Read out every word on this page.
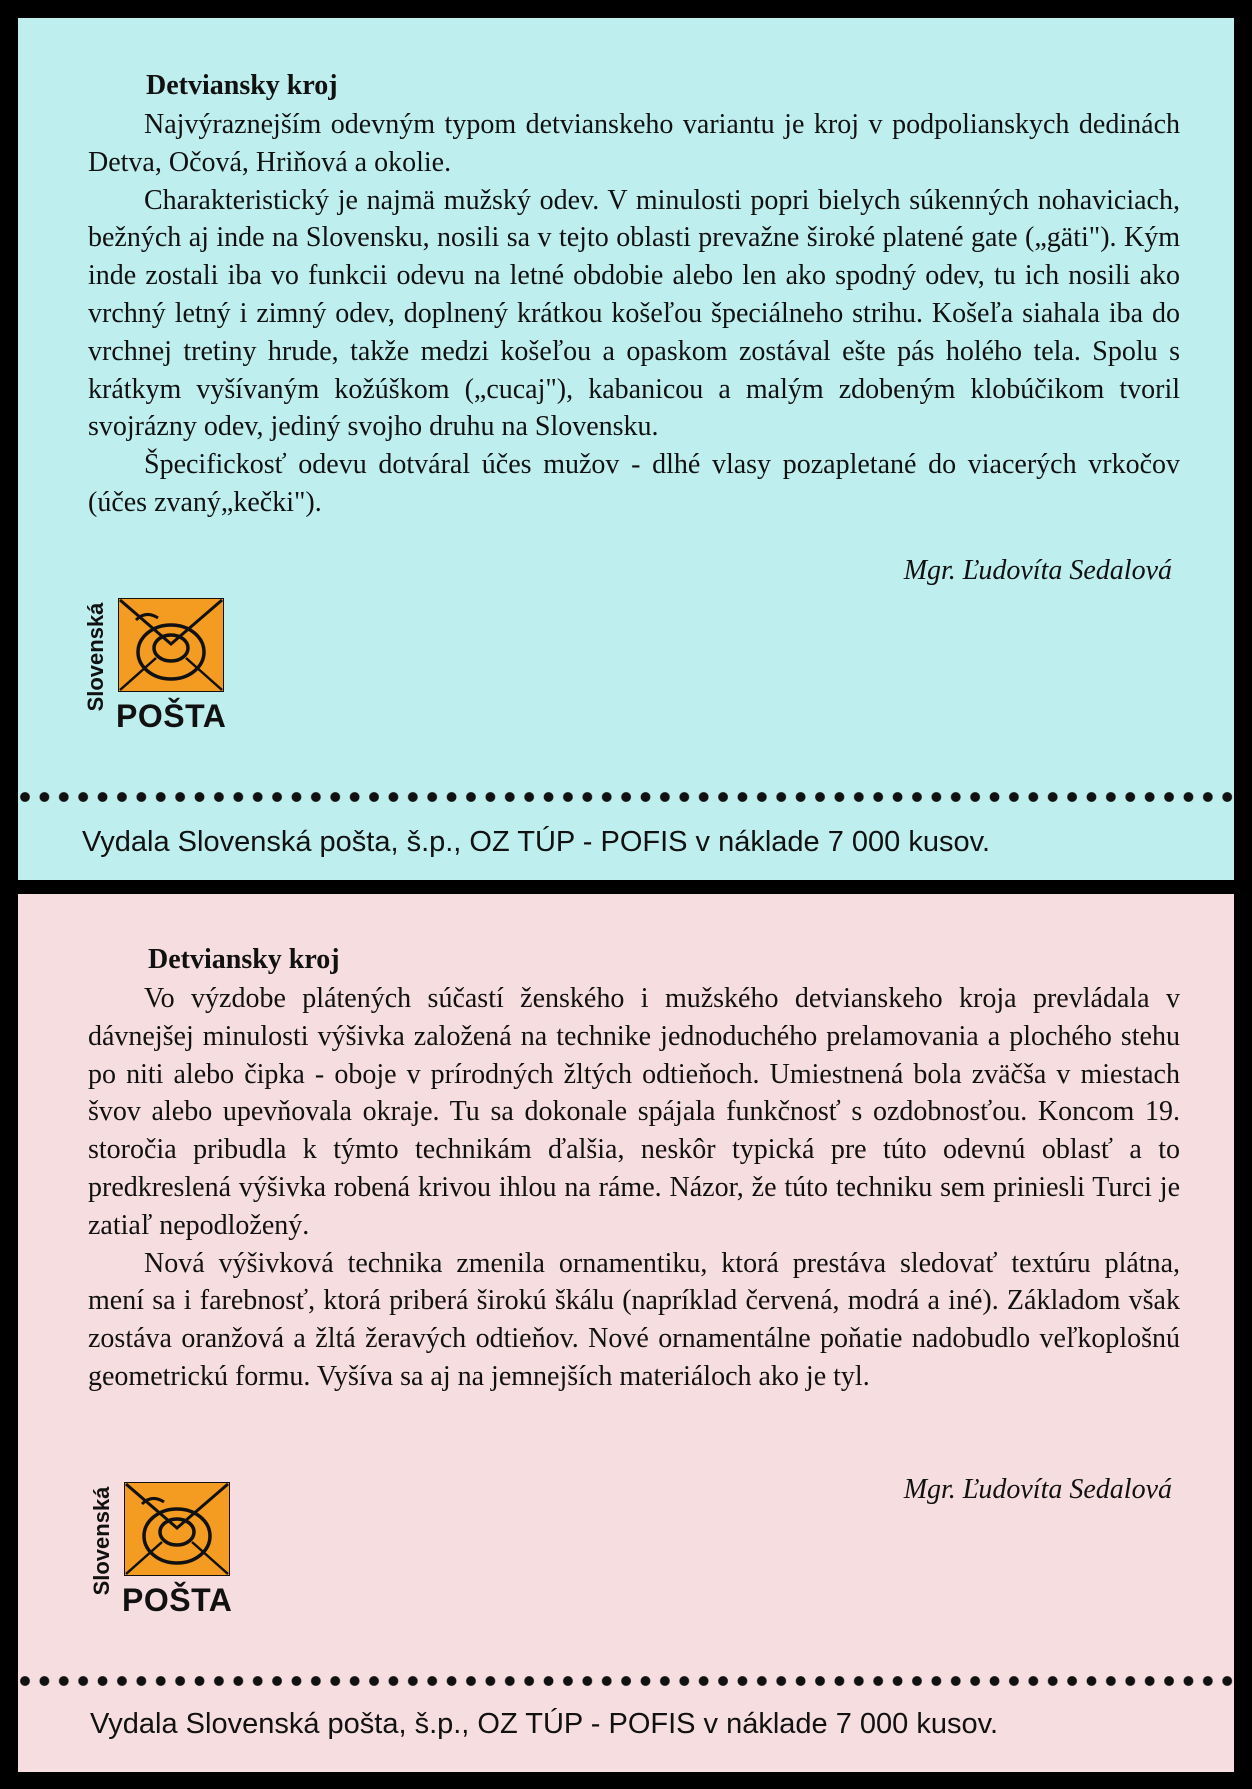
Detviansky kroj

Najvýraznejším odevným typom detvianskeho variantu je kroj v podpolianskych dedinách Detva, Očová, Hriňová a okolie.

Charakteristický je najmä mužský odev. V minulosti popri bielych súkenných nohaviciach, bežných aj inde na Slovensku, nosili sa v tejto oblasti prevažne široké platené gate („gäti"). Kým inde zostali iba vo funkcii odevu na letné obdobie alebo len ako spodný odev, tu ich nosili ako vrchný letný i zimný odev, doplnený krátkou košeľou špeciálneho strihu. Košeľa siahala iba do vrchnej tretiny hrude, takže medzi košeľou a opaskom zostával ešte pás holého tela. Spolu s krátkym vyšívaným kožúškom („cucaj"), kabanicou a malým zdobeným klobúčikom tvoril svojrázny odev, jediný svojho druhu na Slovensku.

Špecifickosť odevu dotváral účes mužov - dlhé vlasy pozapletané do viacerých vrkočov (účes zvaný„kečki").

Mgr. Ľudovíta Sedalová
Slovenská
POŠTA
Vydala Slovenská pošta, š.p., OZ TÚP - POFIS v náklade 7 000 kusov.
Detviansky kroj

Vo výzdobe plátených súčastí ženského i mužského detvianskeho kroja prevládala v dávnejšej minulosti výšivka založená na technike jednoduchého prelamovania a plochého stehu po niti alebo čipka - oboje v prírodných žltých odtieňoch. Umiestnená bola zväčša v miestach švov alebo upevňovala okraje. Tu sa dokonale spájala funkčnosť s ozdobnosťou. Koncom 19. storočia pribudla k týmto technikám ďalšia, neskôr typická pre túto odevnú oblasť a to predkreslená výšivka robená krivou ihlou na ráme. Názor, že túto techniku sem priniesli Turci je zatiaľ nepodložený.

Nová výšivková technika zmenila ornamentiku, ktorá prestáva sledovať textúru plátna, mení sa i farebnosť, ktorá priberá širokú škálu (napríklad červená, modrá a iné). Základom však zostáva oranžová a žltá žeravých odtieňov. Nové ornamentálne poňatie nadobudlo veľkoplošnú geometrickú formu. Vyšíva sa aj na jemnejších materiáloch ako je tyl.

Mgr. Ľudovíta Sedalová
Slovenská
POŠTA
Vydala Slovenská pošta, š.p., OZ TÚP - POFIS v náklade 7 000 kusov.
